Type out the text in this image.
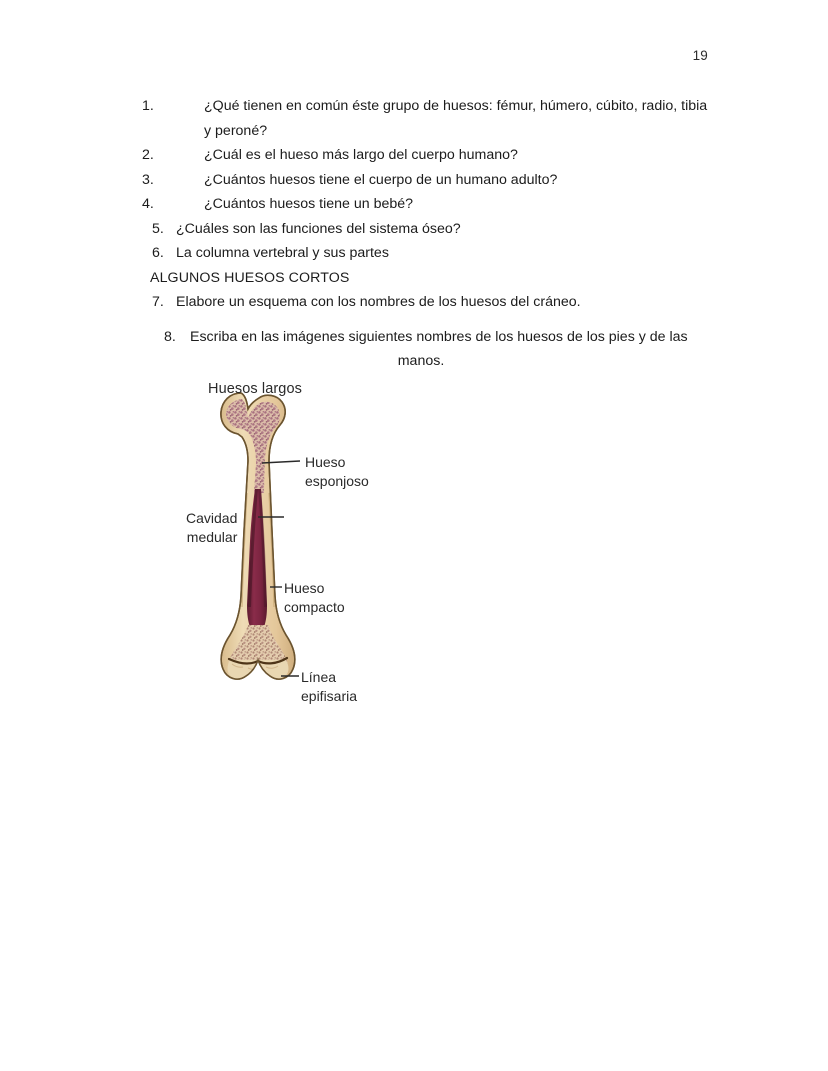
19
1.	¿Qué tienen en común éste grupo de huesos: fémur, húmero, cúbito, radio, tibia y peroné?
2.	¿Cuál es el hueso más largo del cuerpo humano?
3.	¿Cuántos huesos tiene el cuerpo de un humano adulto?
4.	¿Cuántos huesos tiene un bebé?
5. ¿Cuáles son las funciones del sistema óseo?
6. La columna vertebral y sus partes
ALGUNOS HUESOS CORTOS
7. Elabore un esquema con los nombres de los huesos del cráneo.
8. Escriba en las imágenes siguientes nombres de los huesos de los pies y de las
manos.
Huesos largos
Hueso
esponjoso
Cavidad
medular
Hueso
compacto
Línea
epifisaria
